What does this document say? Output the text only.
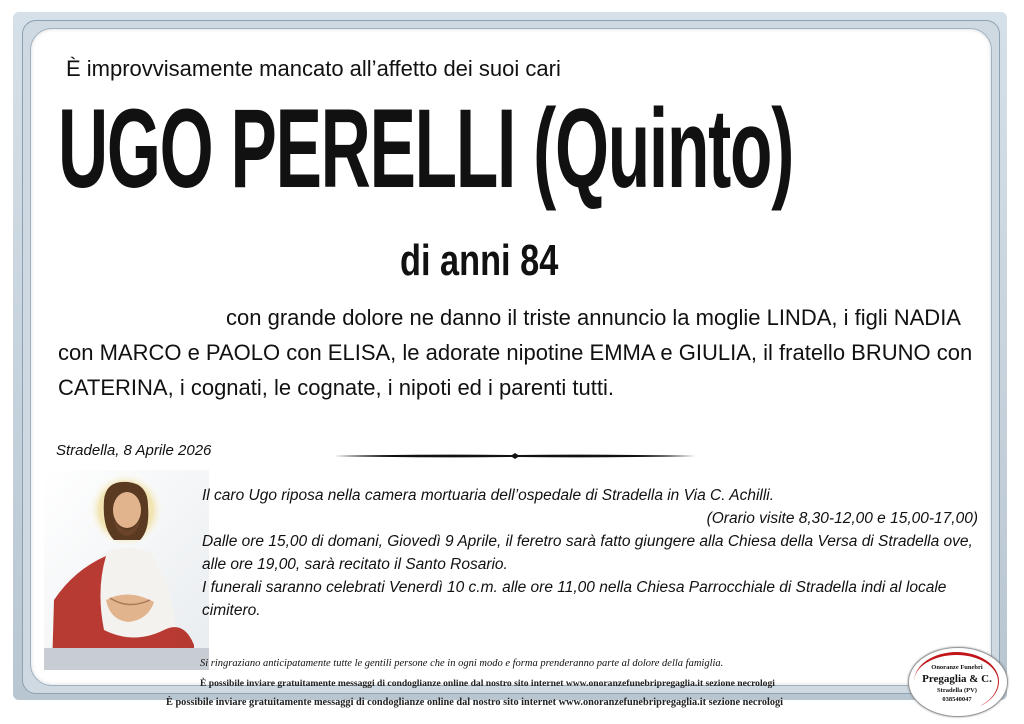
È improvvisamente mancato all’affetto dei suoi cari
UGO PERELLI (Quinto)
di anni 84
con grande dolore ne danno il triste annuncio la moglie LINDA, i figli NADIA con MARCO e PAOLO con ELISA, le adorate nipotine EMMA e GIULIA, il fratello BRUNO con CATERINA, i cognati, le cognate, i nipoti ed i parenti tutti.
Stradella, 8 Aprile 2026
Il caro Ugo riposa nella camera mortuaria dell’ospedale di Stradella in Via C. Achilli.
(Orario visite 8,30-12,00 e 15,00-17,00)
Dalle ore 15,00 di domani, Giovedì 9 Aprile, il feretro sarà fatto giungere alla Chiesa della Versa di Stradella ove, alle ore 19,00, sarà recitato il Santo Rosario.
I funerali saranno celebrati Venerdì 10 c.m. alle ore 11,00 nella Chiesa Parrocchiale di Stradella indi al locale cimitero.
Si ringraziano anticipatamente tutte le gentili persone che in ogni modo e forma prenderanno parte al dolore della famiglia.
È possibile inviare gratuitamente messaggi di condoglianze online dal nostro sito internet www.onoranzefunebripregaglia.it sezione necrologi
È possibile inviare gratuitamente messaggi di condoglianze online dal nostro sito internet www.onoranzefunebripregaglia.it sezione necrologi
Onoranze Funebri
Pregaglia & C.
Stradella (PV)
038540047
